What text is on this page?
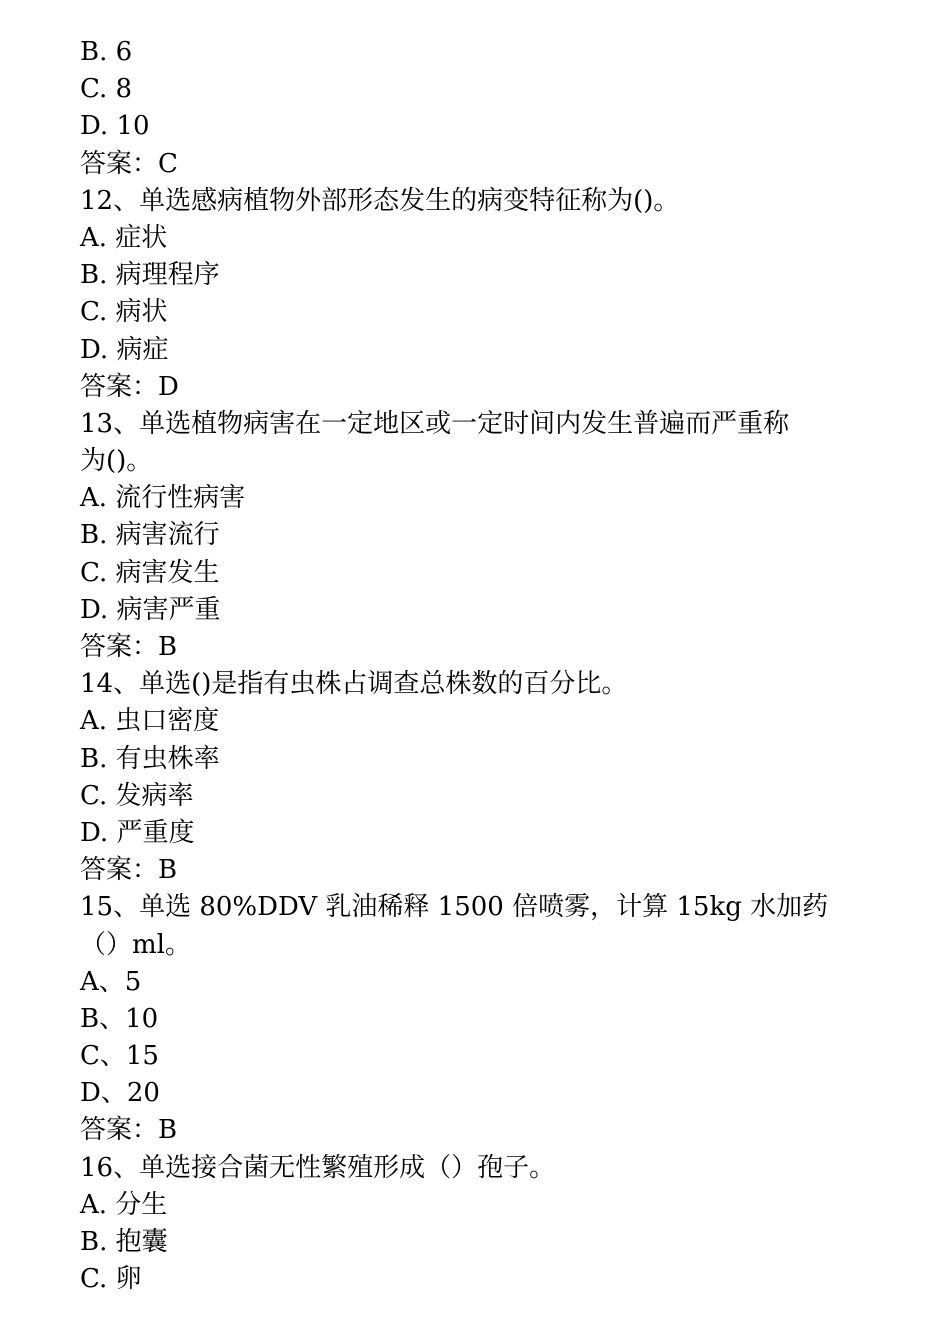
B. 6
C. 8
D. 10
答案：C
12、单选感病植物外部形态发生的病变特征称为()。
A. 症状
B. 病理程序
C. 病状
D. 病症
答案：D
13、单选植物病害在一定地区或一定时间内发生普遍而严重称
为()。
A. 流行性病害
B. 病害流行
C. 病害发生
D. 病害严重
答案：B
14、单选()是指有虫株占调查总株数的百分比。
A. 虫口密度
B. 有虫株率
C. 发病率
D. 严重度
答案：B
15、单选 80%DDV 乳油稀释 1500 倍喷雾，计算 15kg 水加药
（）ml。
A、5
B、10
C、15
D、20
答案：B
16、单选接合菌无性繁殖形成（）孢子。
A. 分生
B. 抱囊
C. 卵
